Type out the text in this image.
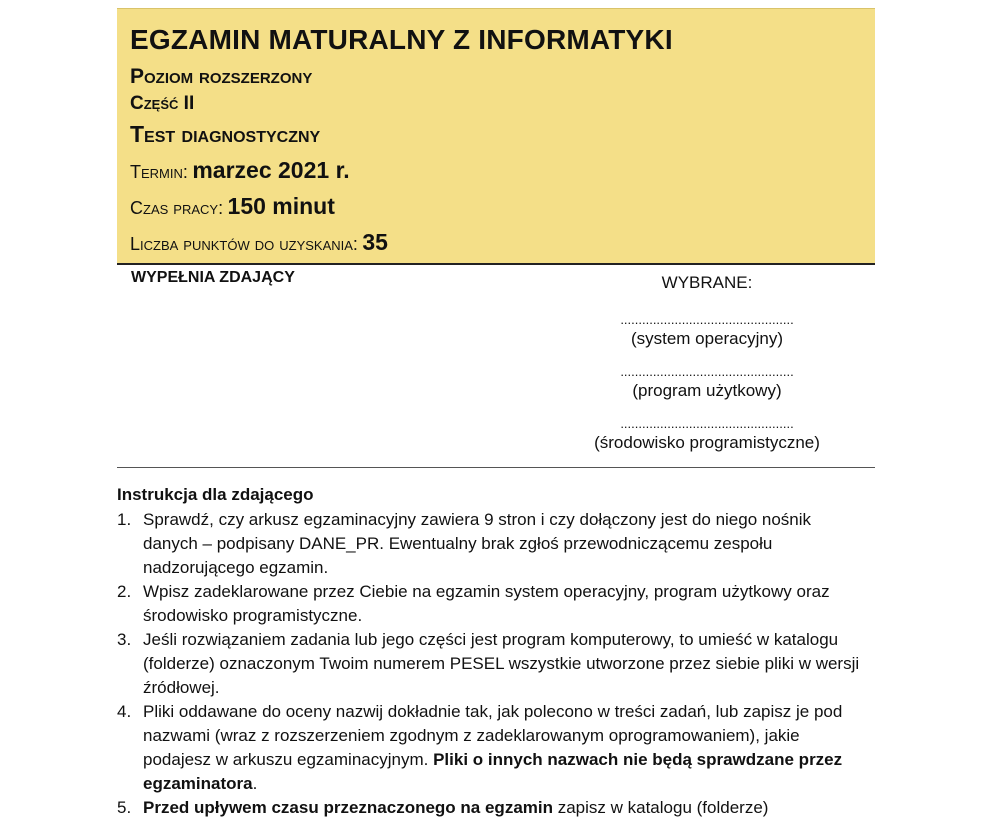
EGZAMIN MATURALNY Z INFORMATYKI
Poziom rozszerzony
Część II
Test diagnostyczny
Termin: marzec 2021 r.
Czas pracy: 150 minut
Liczba punktów do uzyskania: 35
WYPEŁNIA ZDAJĄCY	WYBRANE:
................................................
(system operacyjny)
................................................
(program użytkowy)
................................................
(środowisko programistyczne)
Instrukcja dla zdającego
1. Sprawdź, czy arkusz egzaminacyjny zawiera 9 stron i czy dołączony jest do niego nośnik danych – podpisany DANE_PR. Ewentualny brak zgłoś przewodniczącemu zespołu nadzorującego egzamin.
2. Wpisz zadeklarowane przez Ciebie na egzamin system operacyjny, program użytkowy oraz środowisko programistyczne.
3. Jeśli rozwiązaniem zadania lub jego części jest program komputerowy, to umieść w katalogu (folderze) oznaczonym Twoim numerem PESEL wszystkie utworzone przez siebie pliki w wersji źródłowej.
4. Pliki oddawane do oceny nazwij dokładnie tak, jak polecono w treści zadań, lub zapisz je pod nazwami (wraz z rozszerzeniem zgodnym z zadeklarowanym oprogramowaniem), jakie podajesz w arkuszu egzaminacyjnym. Pliki o innych nazwach nie będą sprawdzane przez egzaminatora.
5. Przed upływem czasu przeznaczonego na egzamin zapisz w katalogu (folderze)
